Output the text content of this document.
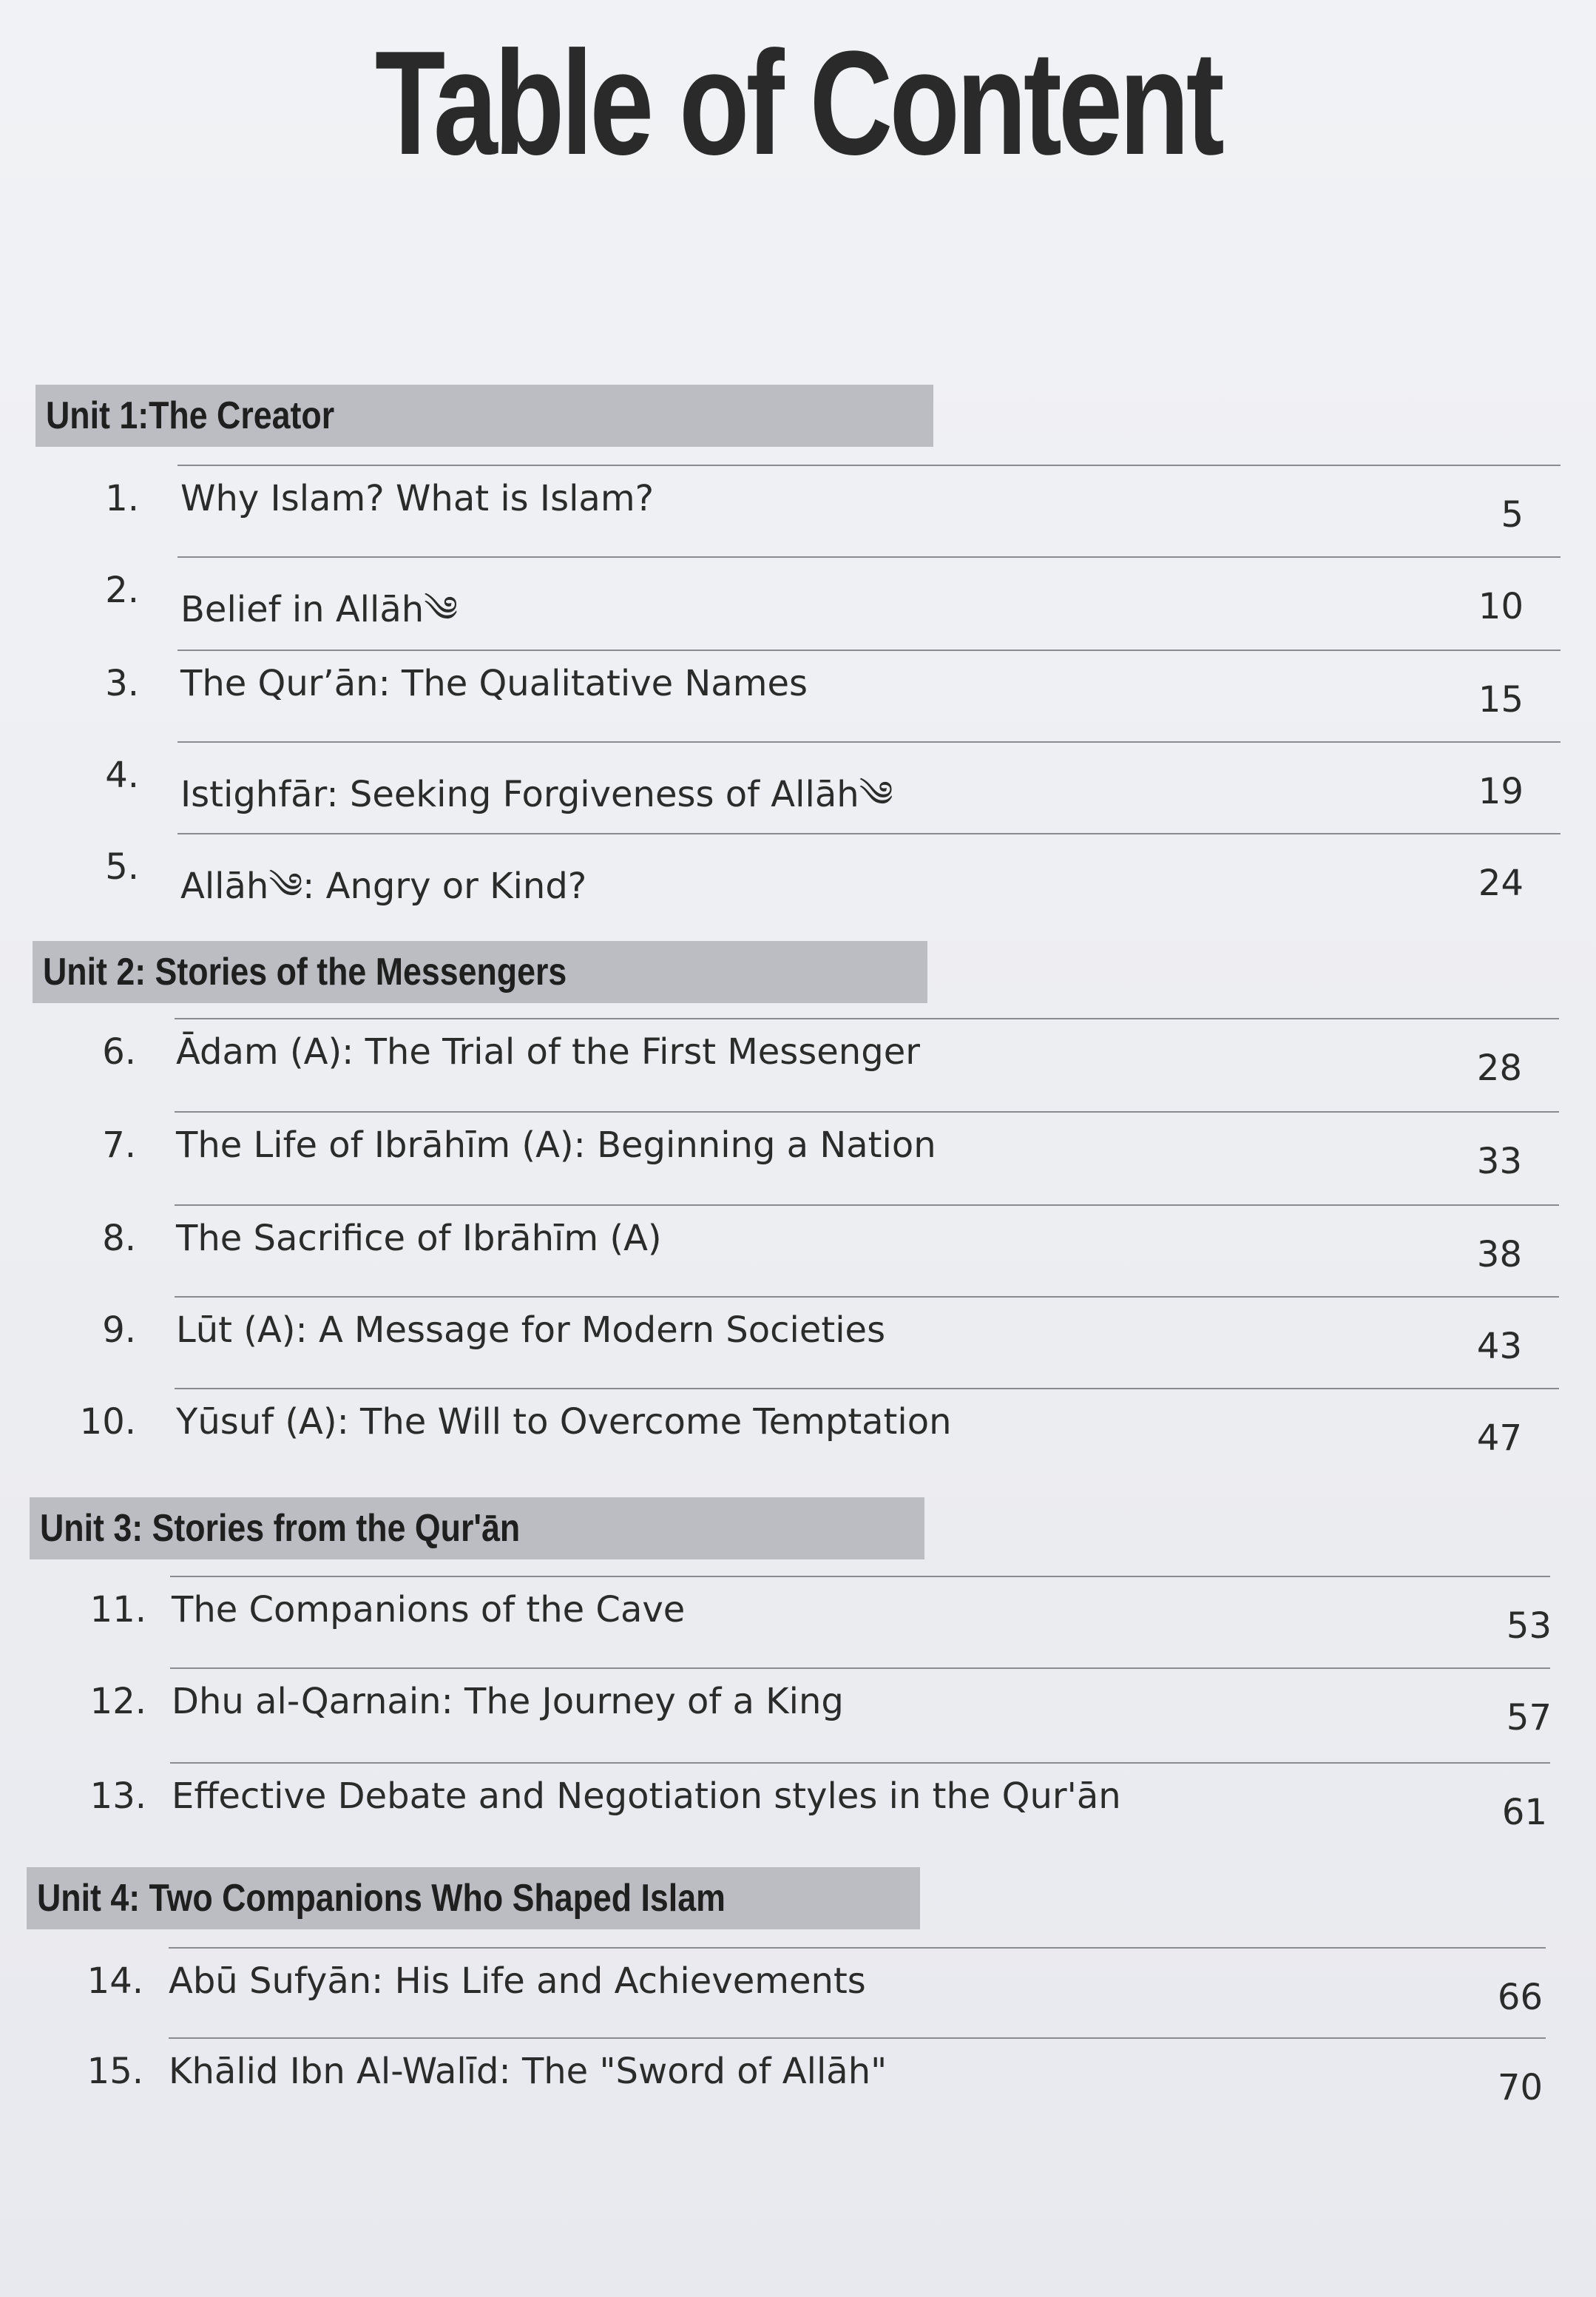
Table of Content
Unit 1:The Creator
1. Why Islam? What is Islam?	5
2. Belief in Allāh༄	10
3. The Qur’ān: The Qualitative Names	15
4. Istighfār: Seeking Forgiveness of Allāh༄	19
5. Allāh༄: Angry or Kind?	24
Unit 2: Stories of the Messengers
6. Ādam (A): The Trial of the First Messenger	28
7. The Life of Ibrāhīm (A): Beginning a Nation	33
8. The Sacrifice of Ibrāhīm (A)	38
9. Lūt (A): A Message for Modern Societies	43
10. Yūsuf (A): The Will to Overcome Temptation	47
Unit 3: Stories from the Qur'ān
11. The Companions of the Cave	53
12. Dhu al-Qarnain: The Journey of a King	57
13. Effective Debate and Negotiation styles in the Qur'ān	61
Unit 4: Two Companions Who Shaped Islam
14. Abū Sufyān: His Life and Achievements	66
15. Khālid Ibn Al-Walīd: The "Sword of Allāh"	70
